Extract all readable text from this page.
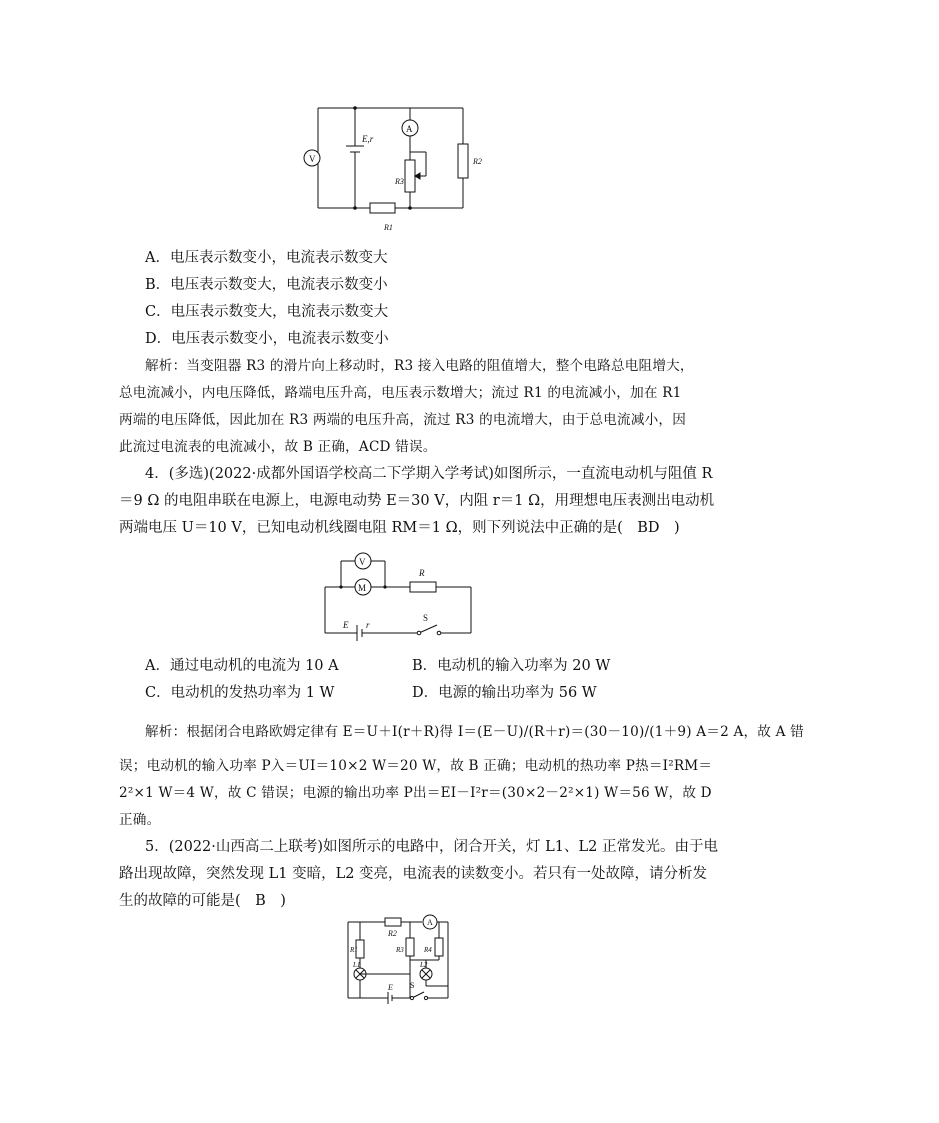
V
A
E,r
R3
R2
R1
A．电压表示数变小，电流表示数变大
B．电压表示数变大，电流表示数变小
C．电压表示数变大，电流表示数变大
D．电压表示数变小，电流表示数变小
解析：当变阻器 R3 的滑片向上移动时，R3 接入电路的阻值增大，整个电路总电阻增大，
总电流减小，内电压降低，路端电压升高，电压表示数增大；流过 R1 的电流减小，加在 R1
两端的电压降低，因此加在 R3 两端的电压升高，流过 R3 的电流增大，由于总电流减小，因
此流过电流表的电流减小，故 B 正确，ACD 错误。
4．(多选)(2022·成都外国语学校高二下学期入学考试)如图所示，一直流电动机与阻值 R
＝9 Ω 的电阻串联在电源上，电源电动势 E＝30 V，内阻 r＝1 Ω，用理想电压表测出电动机
两端电压 U＝10 V，已知电动机线圈电阻 RM＝1 Ω，则下列说法中正确的是(　BD　)
V
M
R
E r
S
A．通过电动机的电流为 10 A	B．电动机的输入功率为 20 W
C．电动机的发热功率为 1 W	D．电源的输出功率为 56 W
解析：根据闭合电路欧姆定律有 E＝U＋I(r＋R)得 I＝(E－U)/(R＋r)＝(30－10)/(1＋9) A＝2 A，故 A 错
误；电动机的输入功率 P入＝UI＝10×2 W＝20 W，故 B 正确；电动机的热功率 P热＝I²RM＝
2²×1 W＝4 W，故 C 错误；电源的输出功率 P出＝EI－I²r＝(30×2－2²×1) W＝56 W，故 D
正确。
5．(2022·山西高二上联考)如图所示的电路中，闭合开关，灯 L1、L2 正常发光。由于电
路出现故障，突然发现 L1 变暗，L2 变亮，电流表的读数变小。若只有一处故障，请分析发
生的故障的可能是(　B　)
R2
A
R1	R3	R4
L1	L2
E S
